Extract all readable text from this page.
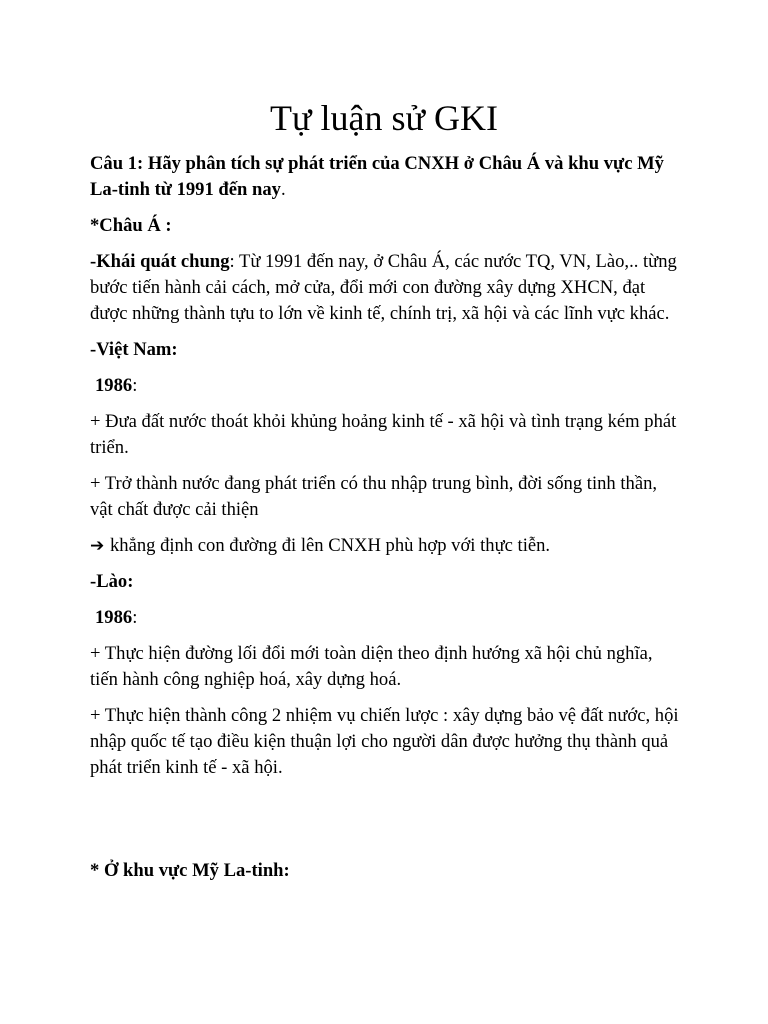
Tự luận sử GKI

Câu 1: Hãy phân tích sự phát triển của CNXH ở Châu Á và khu vực Mỹ La-tinh từ 1991 đến nay.

*Châu Á :

-Khái quát chung: Từ 1991 đến nay, ở Châu Á, các nước TQ, VN, Lào,.. từng bước tiến hành cải cách, mở cửa, đổi mới con đường xây dựng XHCN, đạt được những thành tựu to lớn về kinh tế, chính trị, xã hội và các lĩnh vực khác.

-Việt Nam:

1986:

+ Đưa đất nước thoát khỏi khủng hoảng kinh tế - xã hội và tình trạng kém phát triển.

+ Trở thành nước đang phát triển có thu nhập trung bình, đời sống tinh thần, vật chất được cải thiện

➔ khẳng định con đường đi lên CNXH phù hợp với thực tiễn.

-Lào:

1986:

+ Thực hiện đường lối đổi mới toàn diện theo định hướng xã hội chủ nghĩa, tiến hành công nghiệp hoá, xây dựng hoá.

+ Thực hiện thành công 2 nhiệm vụ chiến lược : xây dựng bảo vệ đất nước, hội nhập quốc tế tạo điều kiện thuận lợi cho người dân được hưởng thụ thành quả phát triển kinh tế - xã hội.

* Ở khu vực Mỹ La-tinh:
